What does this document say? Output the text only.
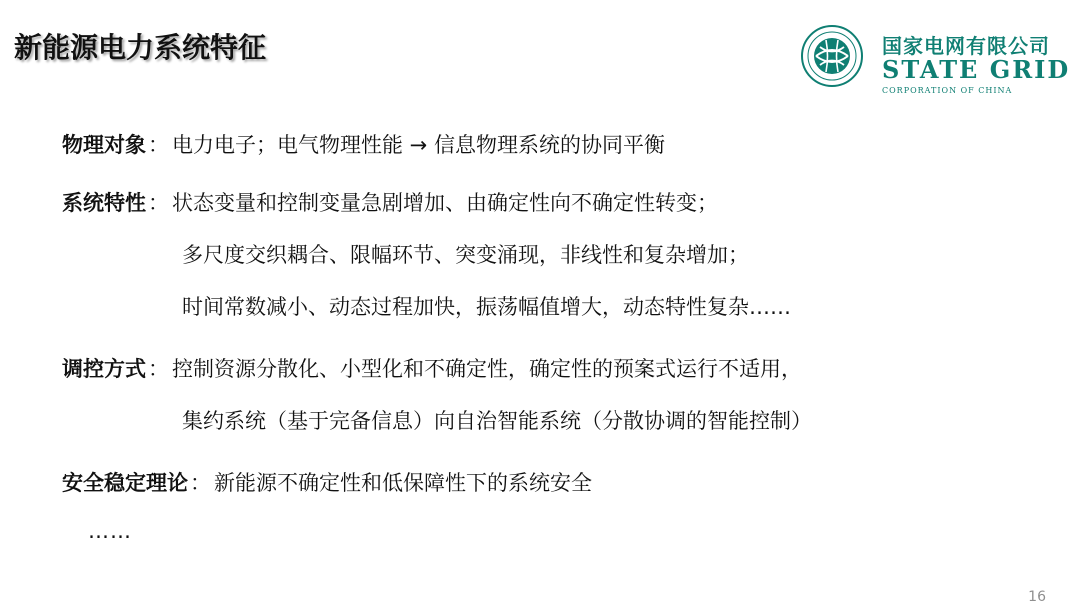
新能源电力系统特征	国家电网有限公司
STATE GRID
CORPORATION OF CHINA
物理对象 ： 电力电子；电气物理性能 → 信息物理系统的协同平衡
系统特性 ： 状态变量和控制变量急剧增加、由确定性向不确定性转变；
多尺度交织耦合、限幅环节、突变涌现，非线性和复杂增加；
时间常数减小、动态过程加快，振荡幅值增大，动态特性复杂……
调控方式 ： 控制资源分散化、小型化和不确定性，确定性的预案式运行不适用，
集约系统（基于完备信息）向自治智能系统（分散协调的智能控制）
安全稳定理论 ： 新能源不确定性和低保障性下的系统安全
……
16
